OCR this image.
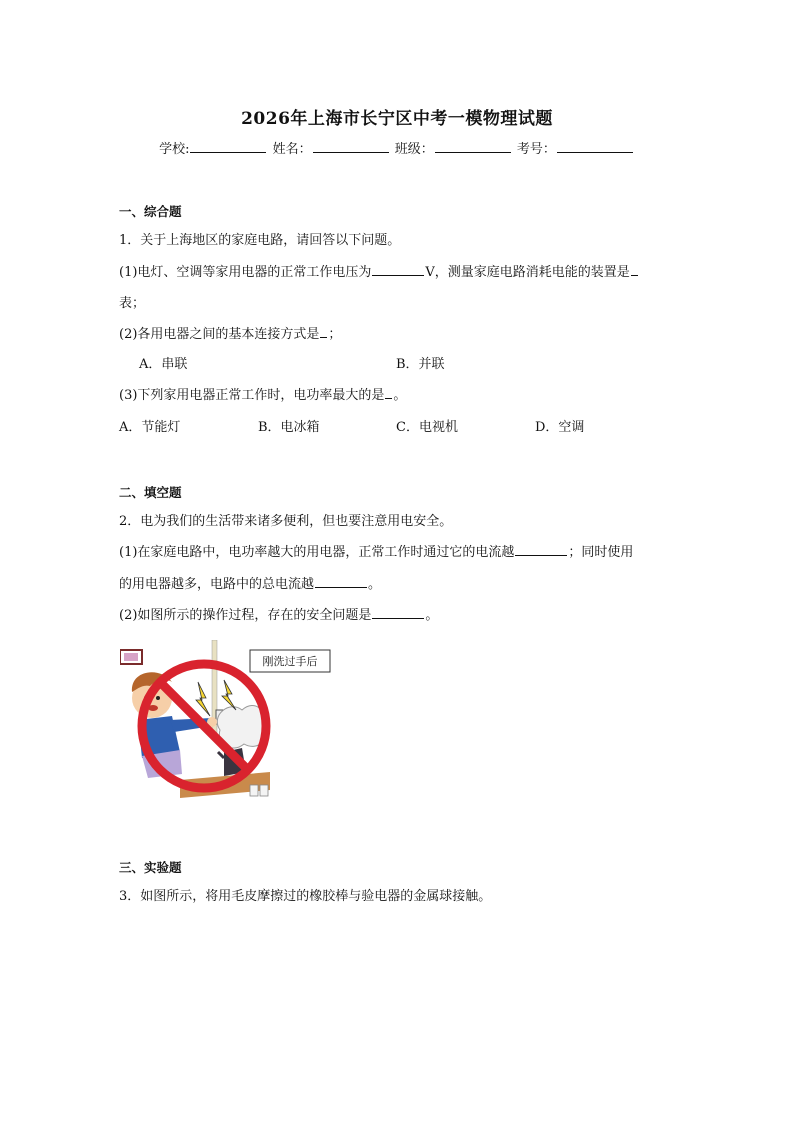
2026年上海市长宁区中考一模物理试题
学校:	姓名：	班级：	考号：
一、综合题
1．关于上海地区的家庭电路，请回答以下问题。
(1)电灯、空调等家用电器的正常工作电压为	V，测量家庭电路消耗电能的装置是
表；
(2)各用电器之间的基本连接方式是 ；
A．串联	B．并联
(3)下列家用电器正常工作时，电功率最大的是 。
A．节能灯	B．电冰箱	C．电视机	D．空调
二、填空题
2．电为我们的生活带来诸多便利，但也要注意用电安全。
(1)在家庭电路中，电功率越大的用电器，正常工作时通过它的电流越	；同时使用
的用电器越多，电路中的总电流越	。
(2)如图所示的操作过程，存在的安全问题是	。
刚洗过手后
三、实验题
3．如图所示，将用毛皮摩擦过的橡胶棒与验电器的金属球接触。
